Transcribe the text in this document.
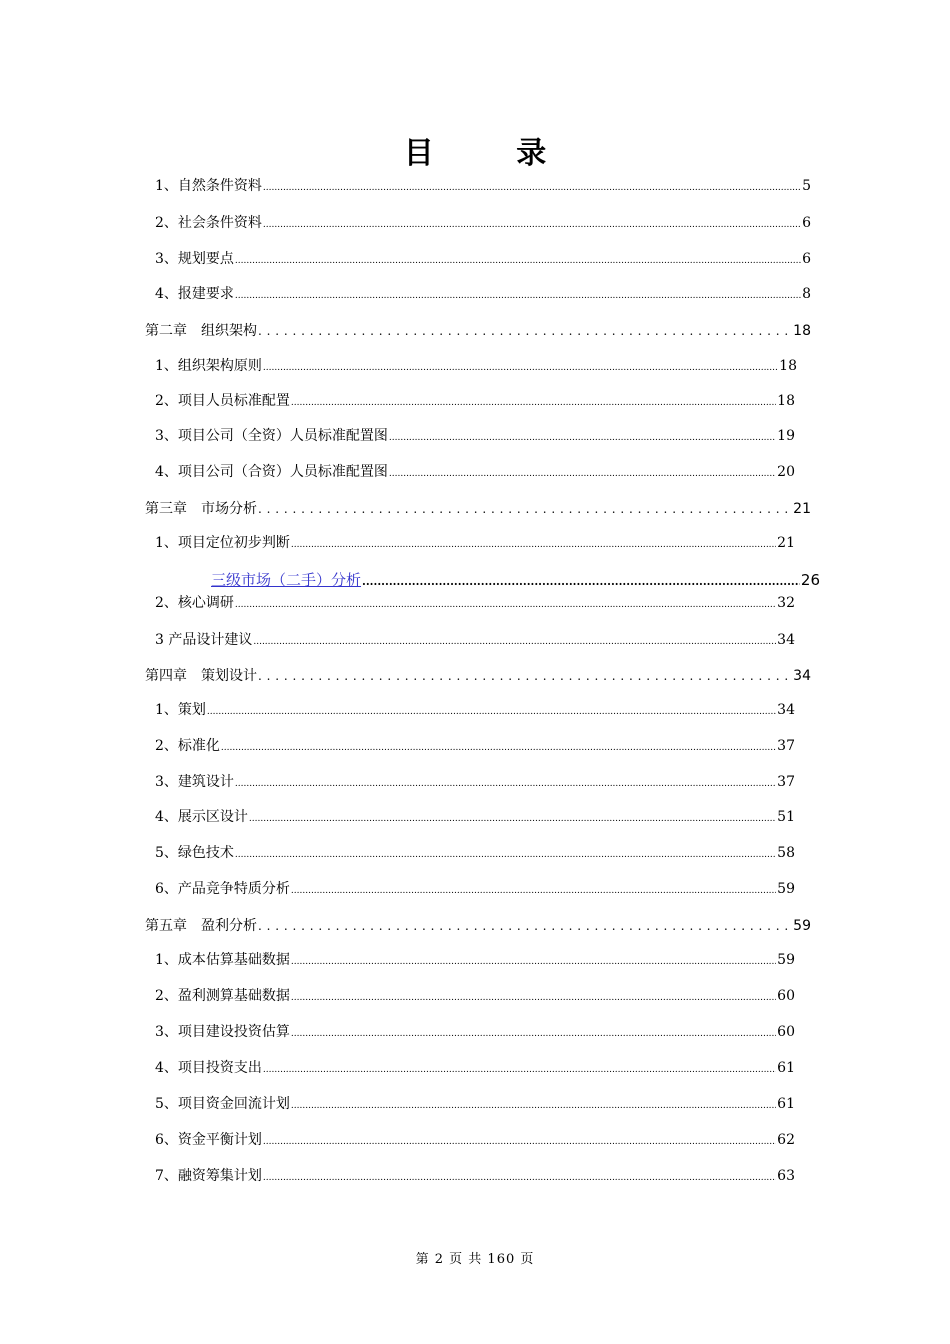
目 录
1、自然条件资料 .....	5
2、社会条件资料 .....	6
3、规划要点 .....	6
4、报建要求 .....	8
第二章　组织架构 . . .	18
1、组织架构原则 .....	18
2、项目人员标准配置 .....	18
3、项目公司（全资）人员标准配置图 .....	19
4、项目公司（合资）人员标准配置图 .....	20
第三章　市场分析 . . .	21
1、项目定位初步判断 .....	21
三级市场（二手）分析 .....	26
2、核心调研 .....	32
3 产品设计建议 .....	34
第四章　策划设计 . . .	34
1、策划 .....	34
2、标准化 .....	37
3、建筑设计 .....	37
4、展示区设计 .....	51
5、绿色技术 .....	58
6、产品竞争特质分析 .....	59
第五章　盈利分析 . . .	59
1、成本估算基础数据 .....	59
2、盈利测算基础数据 .....	60
3、项目建设投资估算 .....	60
4、项目投资支出 .....	61
5、项目资金回流计划 .....	61
6、资金平衡计划 .....	62
7、融资筹集计划 .....	63
第 2 页 共 160 页
